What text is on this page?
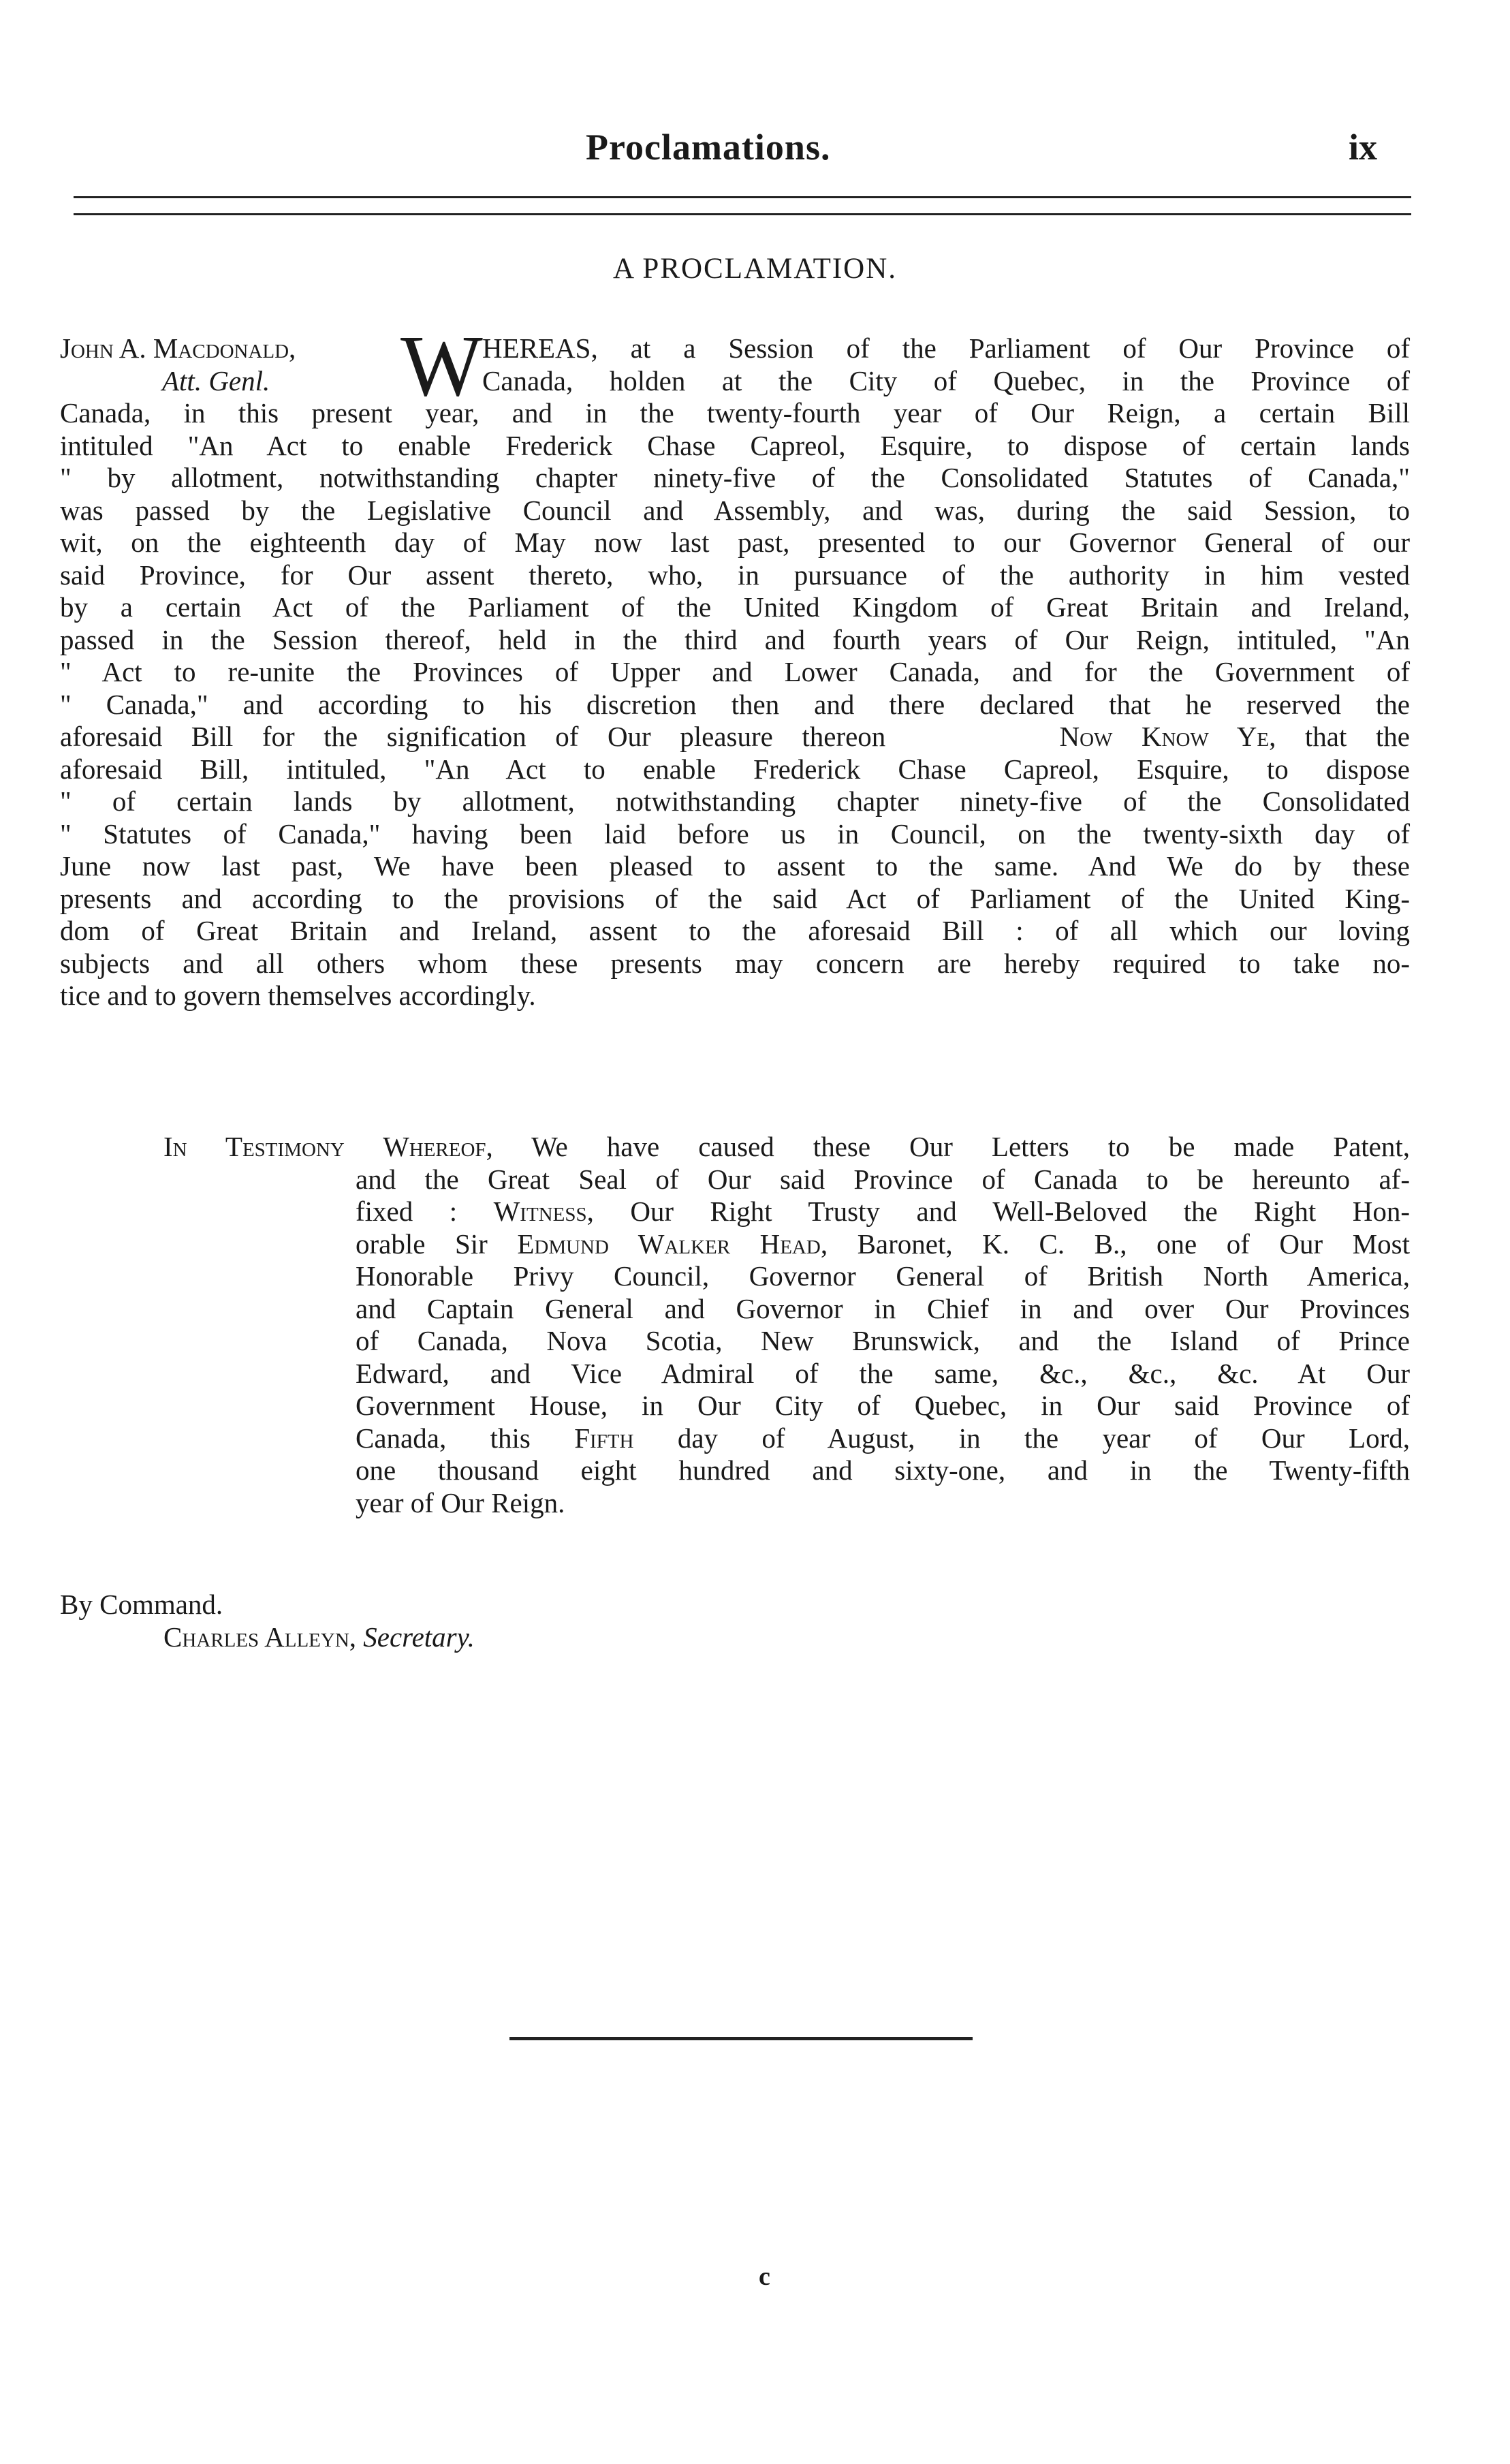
Proclamations.	ix
A PROCLAMATION.
John A. Macdonald,
Att. Genl.	W HEREAS, at a Session of the Parliament of Our Province of
Canada, holden at the City of Quebec, in the Province of
Canada, in this present year, and in the twenty-fourth year of Our Reign, a certain Bill
intituled "An Act to enable Frederick Chase Capreol, Esquire, to dispose of certain lands
" by allotment, notwithstanding chapter ninety-five of the Consolidated Statutes of Canada,"
was passed by the Legislative Council and Assembly, and was, during the said Session, to
wit, on the eighteenth day of May now last past, presented to our Governor General of our
said Province, for Our assent thereto, who, in pursuance of the authority in him vested
by a certain Act of the Parliament of the United Kingdom of Great Britain and Ireland,
passed in the Session thereof, held in the third and fourth years of Our Reign, intituled, "An
" Act to re-unite the Provinces of Upper and Lower Canada, and for the Government of
" Canada," and according to his discretion then and there declared that he reserved the
aforesaid Bill for the signification of Our pleasure thereon	Now Know Ye, that the
aforesaid Bill, intituled, "An Act to enable Frederick Chase Capreol, Esquire, to dispose
" of certain lands by allotment, notwithstanding chapter ninety-five of the Consolidated
" Statutes of Canada," having been laid before us in Council, on the twenty-sixth day of
June now last past, We have been pleased to assent to the same. And We do by these
presents and according to the provisions of the said Act of Parliament of the United King-
dom of Great Britain and Ireland, assent to the aforesaid Bill : of all which our loving
subjects and all others whom these presents may concern are hereby required to take no-
tice and to govern themselves accordingly.
In Testimony Whereof, We have caused these Our Letters to be made Patent,
and the Great Seal of Our said Province of Canada to be hereunto af-
fixed : Witness, Our Right Trusty and Well-Beloved the Right Hon-
orable Sir Edmund Walker Head, Baronet, K. C. B., one of Our Most
Honorable Privy Council, Governor General of British North America,
and Captain General and Governor in Chief in and over Our Provinces
of Canada, Nova Scotia, New Brunswick, and the Island of Prince
Edward, and Vice Admiral of the same, &c., &c., &c. At Our
Government House, in Our City of Quebec, in Our said Province of
Canada, this Fifth day of August, in the year of Our Lord,
one thousand eight hundred and sixty-one, and in the Twenty-fifth
year of Our Reign.
By Command.
Charles Alleyn, Secretary.
c
